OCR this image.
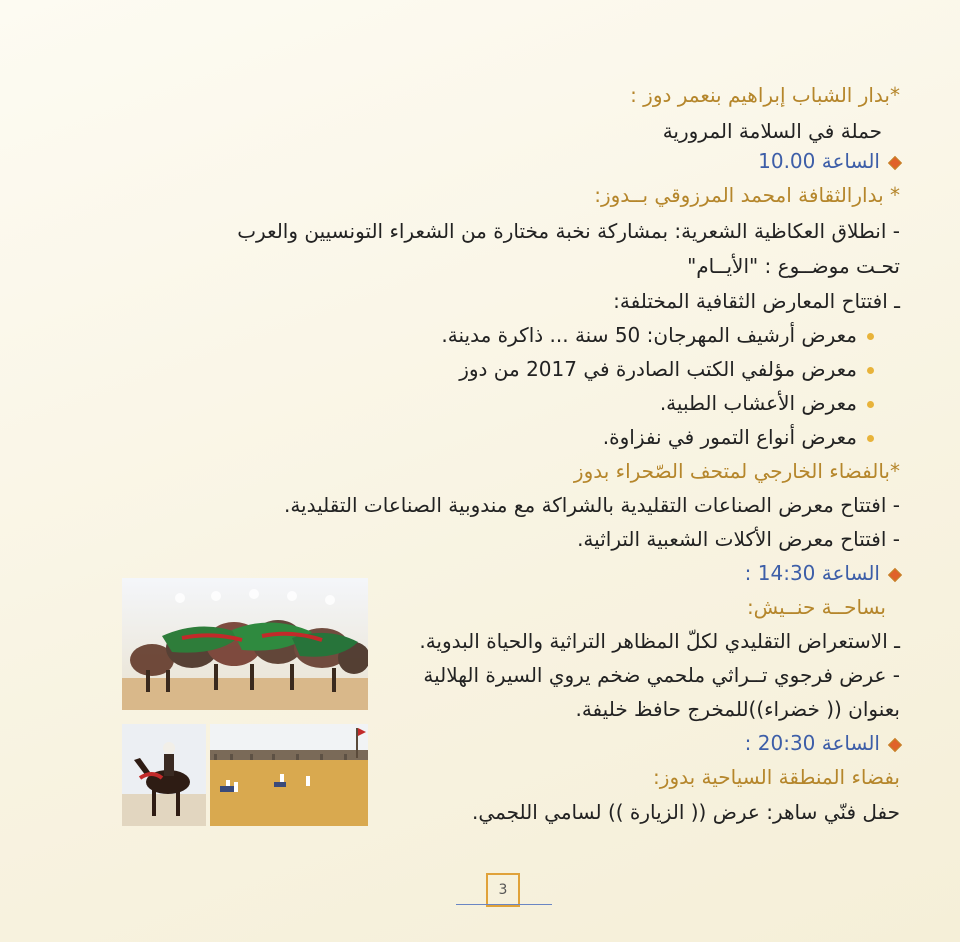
*بدار الشباب إبراهيم بنعمر دوز :
حملة في السلامة المرورية
الساعة 10.00
* بدارالثقافة امحمد المرزوقي بــدوز:
- انطلاق العكاظية الشعرية: بمشاركة نخبة مختارة من الشعراء التونسيين والعرب
تحـت موضــوع : "الأيــام"
ـ افتتاح المعارض الثقافية المختلفة:
معرض أرشيف المهرجان: 50 سنة ... ذاكرة مدينة.
معرض مؤلفي الكتب الصادرة في 2017 من دوز
معرض الأعشاب الطبية.
معرض أنواع التمور في نفزاوة.
*بالفضاء الخارجي لمتحف الصّحراء بدوز
- افتتاح معرض الصناعات التقليدية بالشراكة مع مندوبية الصناعات التقليدية.
- افتتاح معرض الأكلات الشعبية التراثية.
الساعة 14:30 :
بساحــة حنــيش:
ـ الاستعراض التقليدي لكلّ المظاهر التراثية والحياة البدوية.
- عرض فرجوي تــراثي ملحمي ضخم يروي السيرة الهلالية
بعنوان (( خضراء))للمخرج حافظ خليفة.
الساعة 20:30 :
بفضاء المنطقة السياحية بدوز:
حفل فنّي ساهر: عرض (( الزيارة )) لسامي اللجمي.
3
